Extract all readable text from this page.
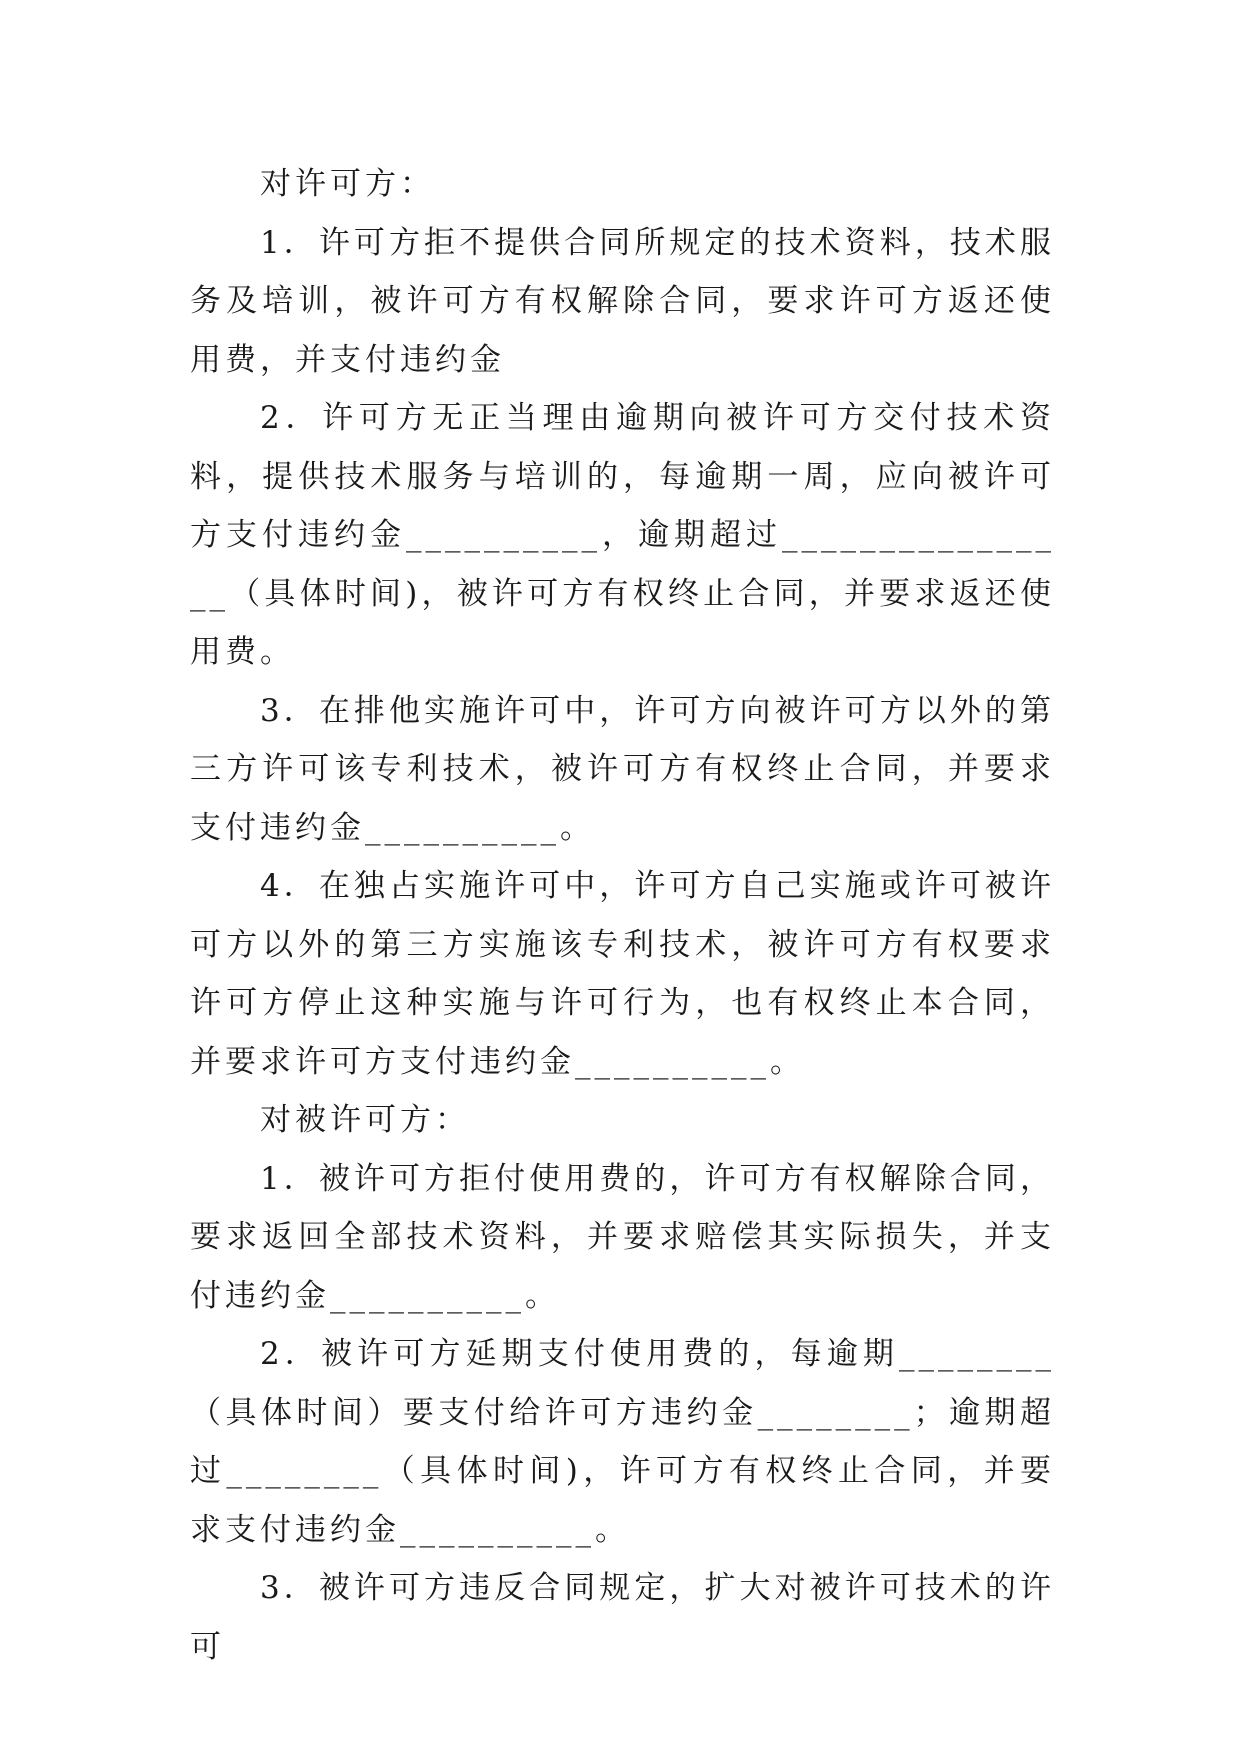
对许可方：

1．许可方拒不提供合同所规定的技术资料，技术服务及培训，被许可方有权解除合同，要求许可方返还使用费，并支付违约金

2．许可方无正当理由逾期向被许可方交付技术资料，提供技术服务与培训的，每逾期一周，应向被许可方支付违约金__________，逾期超过________________（具体时间)，被许可方有权终止合同，并要求返还使用费。

3．在排他实施许可中，许可方向被许可方以外的第三方许可该专利技术，被许可方有权终止合同，并要求支付违约金__________。

4．在独占实施许可中，许可方自己实施或许可被许可方以外的第三方实施该专利技术，被许可方有权要求许可方停止这种实施与许可行为，也有权终止本合同，并要求许可方支付违约金__________。

对被许可方：

1．被许可方拒付使用费的，许可方有权解除合同，要求返回全部技术资料，并要求赔偿其实际损失，并支付违约金__________。

2．被许可方延期支付使用费的，每逾期________（具体时间）要支付给许可方违约金________；逾期超过________（具体时间)，许可方有权终止合同，并要求支付违约金__________。

3．被许可方违反合同规定，扩大对被许可技术的许可
